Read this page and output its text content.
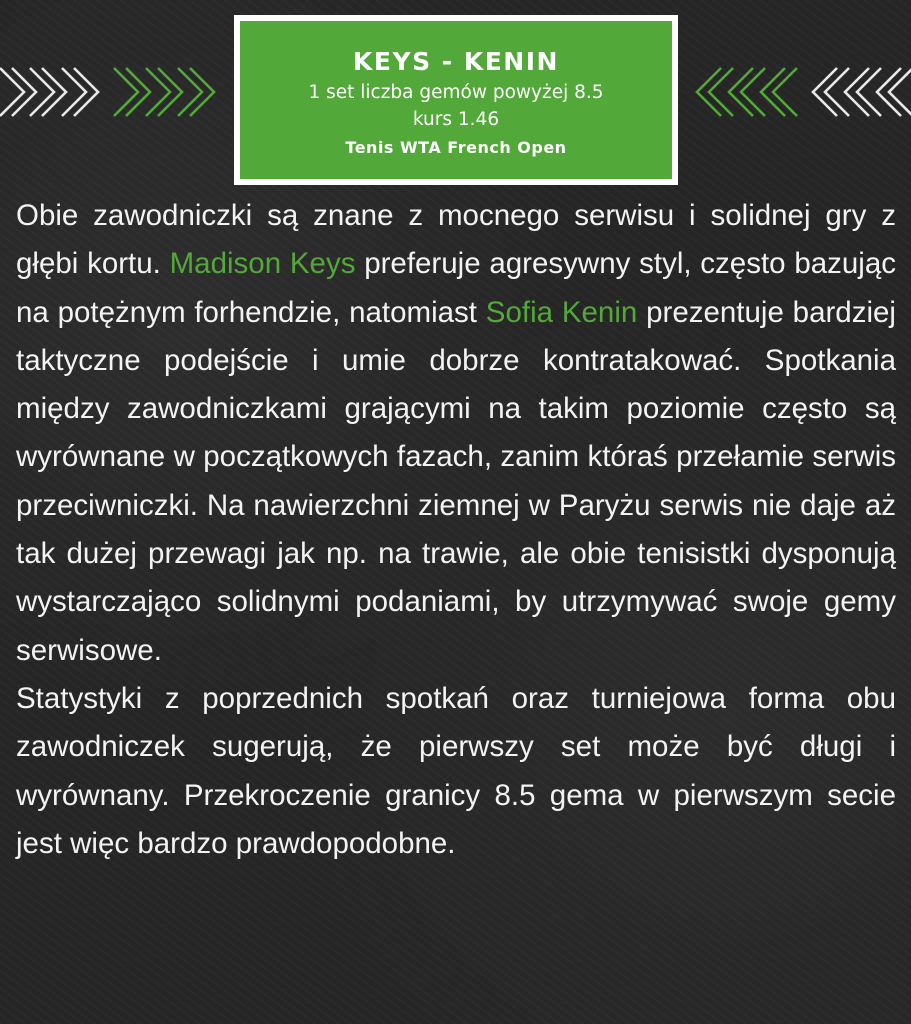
KEYS - KENIN
1 set liczba gemów powyżej 8.5
kurs 1.46
Tenis WTA French Open

Obie zawodniczki są znane z mocnego serwisu i solidnej gry z głębi kortu. Madison Keys preferuje agresywny styl, często bazując na potężnym forhendzie, natomiast Sofia Kenin prezentuje bardziej taktyczne podejście i umie dobrze kontratakować. Spotkania między zawodniczkami grającymi na takim poziomie często są wyrównane w początkowych fazach, zanim któraś przełamie serwis przeciwniczki. Na nawierzchni ziemnej w Paryżu serwis nie daje aż tak dużej przewagi jak np. na trawie, ale obie tenisistki dysponują wystarczająco solidnymi podaniami, by utrzymywać swoje gemy serwisowe.

Statystyki z poprzednich spotkań oraz turniejowa forma obu zawodniczek sugerują, że pierwszy set może być długi i wyrównany. Przekroczenie granicy 8.5 gema w pierwszym secie jest więc bardzo prawdopodobne.
